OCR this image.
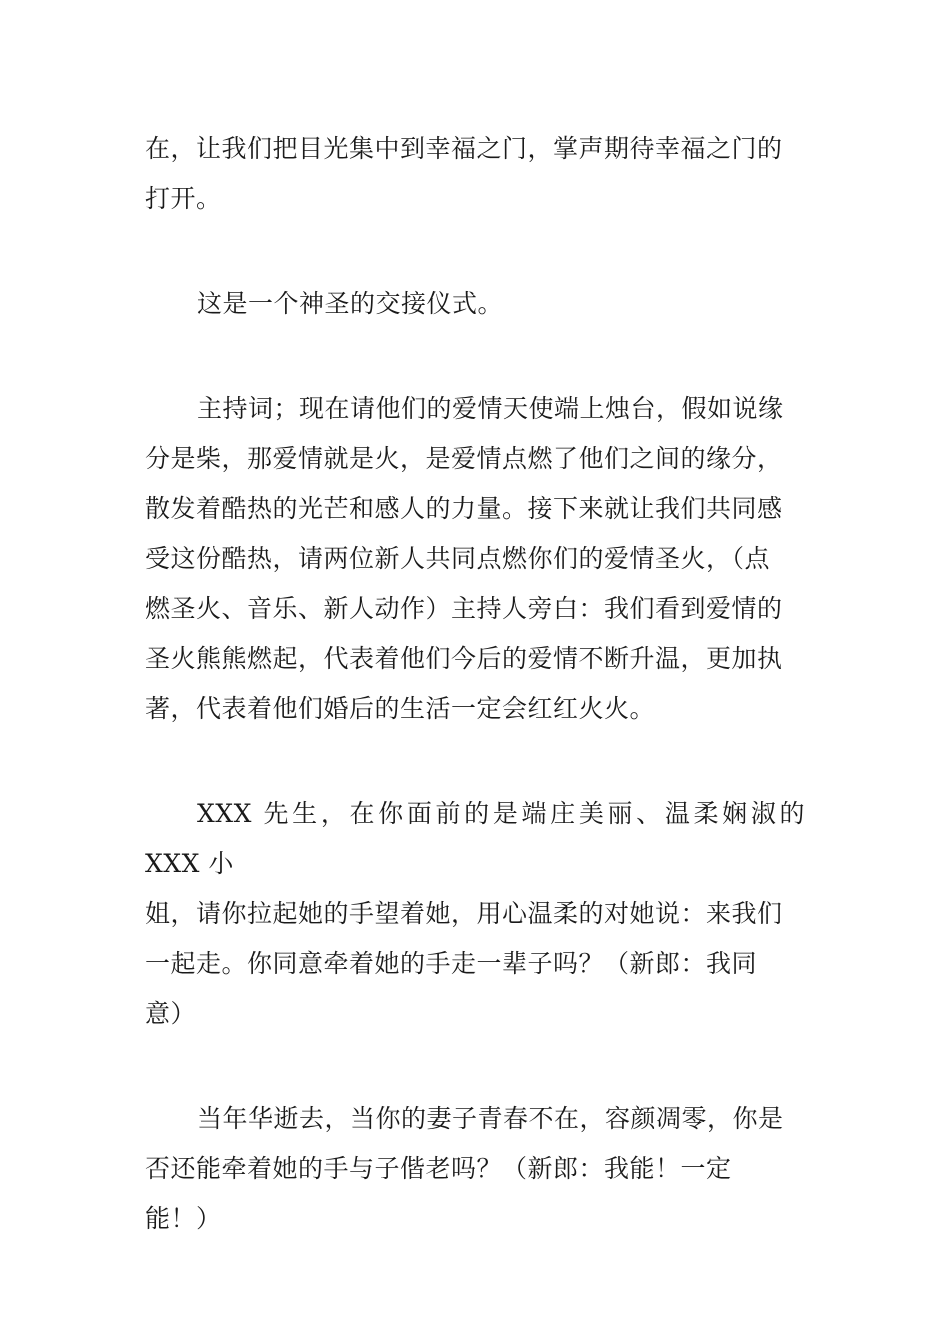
在，让我们把目光集中到幸福之门，掌声期待幸福之门的
打开。

这是一个神圣的交接仪式。

主持词；现在请他们的爱情天使端上烛台，假如说缘
分是柴，那爱情就是火，是爱情点燃了他们之间的缘分，
散发着酷热的光芒和感人的力量。接下来就让我们共同感
受这份酷热，请两位新人共同点燃你们的爱情圣火，（点
燃圣火、音乐、新人动作）主持人旁白：我们看到爱情的
圣火熊熊燃起，代表着他们今后的爱情不断升温，更加执
著，代表着他们婚后的生活一定会红红火火。

XXX 先生，在你面前的是端庄美丽、温柔娴淑的 XXX 小
姐，请你拉起她的手望着她，用心温柔的对她说：来我们
一起走。你同意牵着她的手走一辈子吗？（新郎：我同
意）

当年华逝去，当你的妻子青春不在，容颜凋零，你是
否还能牵着她的手与子偕老吗？（新郎：我能！一定
能！）
